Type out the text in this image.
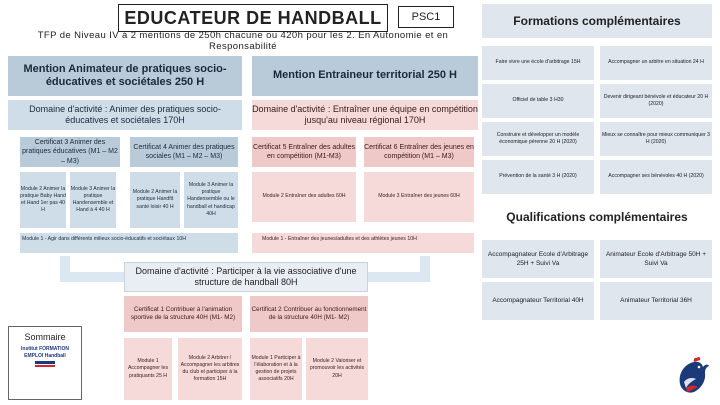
EDUCATEUR DE HANDBALL	PSC1
TFP de Niveau IV à 2 mentions de 250h chacune ou 420h pour les 2. En Autonomie et en Responsabilité
Mention Animateur de pratiques socio-éducatives et sociétales 250 H
Mention Entraineur territorial 250 H
Domaine d'activité : Animer des pratiques socio-éducatives et sociétales 170H
Domaine d'activité : Entraîner une équipe en compétition jusqu'au niveau régional 170H
Certificat 3 Animer des pratiques éducatives (M1 – M2 – M3)
Certificat 4 Animer des pratiques sociales (M1 – M2 – M3)
Certificat 5 Entraîner des adultes en compétition (M1-M3)
Certificat 6 Entraîner des jeunes en compétition (M1 – M3)
Module 2 Animer la pratique Baby Hand et Hand 1er pas 40 H
Module 3 Animer la pratique Handensemble et Hand à 4 40 H
Module 2 Animer la pratique Handfit santé loisir 40 H
Module 3 Animer la pratique Handensemble ou le handball et handicap 40H
Module 1 - Agir dans différents milieux socio-éducatifs et sociétaux 10H
Module 2 Entraîner des adultes 60H	Module 3 Entraîner des jeunes 60H
Module 1 - Entraîner des jeunes/adultes et des athlètes jeunes 10H
Domaine d'activité : Participer à la vie associative d'une structure de handball 80H
Certificat 1 Contribuer à l'animation sportive de la structure 40H (M1- M2)
Certificat 2 Contribuer au fonctionnement de la structure 40H (M1- M2)
Module 1 Accompagner les pratiquants 25 H
Module 2 Arbitrer / Accompagner les arbitres du club et participer à la formation 15H
Module 1 Participer à l'élaboration et à la gestion de projets associatifs 20H
Module 2 Valoriser et promouvoir les activités 20H
Sommaire
Institut FORMATION EMPLOI Handball
Formations complémentaires
Faire vivre une école d'arbitrage 15H	Accompagner un arbitre en situation 24 H
Officiel de table 3 H30
Devenir dirigeant bénévole et éducateur 20 H (2020)
Construire et développer un modèle économique pérenne 20 H (2020)
Mieux se connaître pour mieux communiquer 3 H (2020)
Prévention de la santé 3 H (2020)	Accompagner ses bénévoles 40 H (2020)
Qualifications complémentaires
Accompagnateur Ecole d'Arbitrage 25H + Suivi Va
Animateur Ecole d'Arbitrage 50H + Suivi Va
Accompagnateur Territorial 40H	Animateur Territorial 36H
